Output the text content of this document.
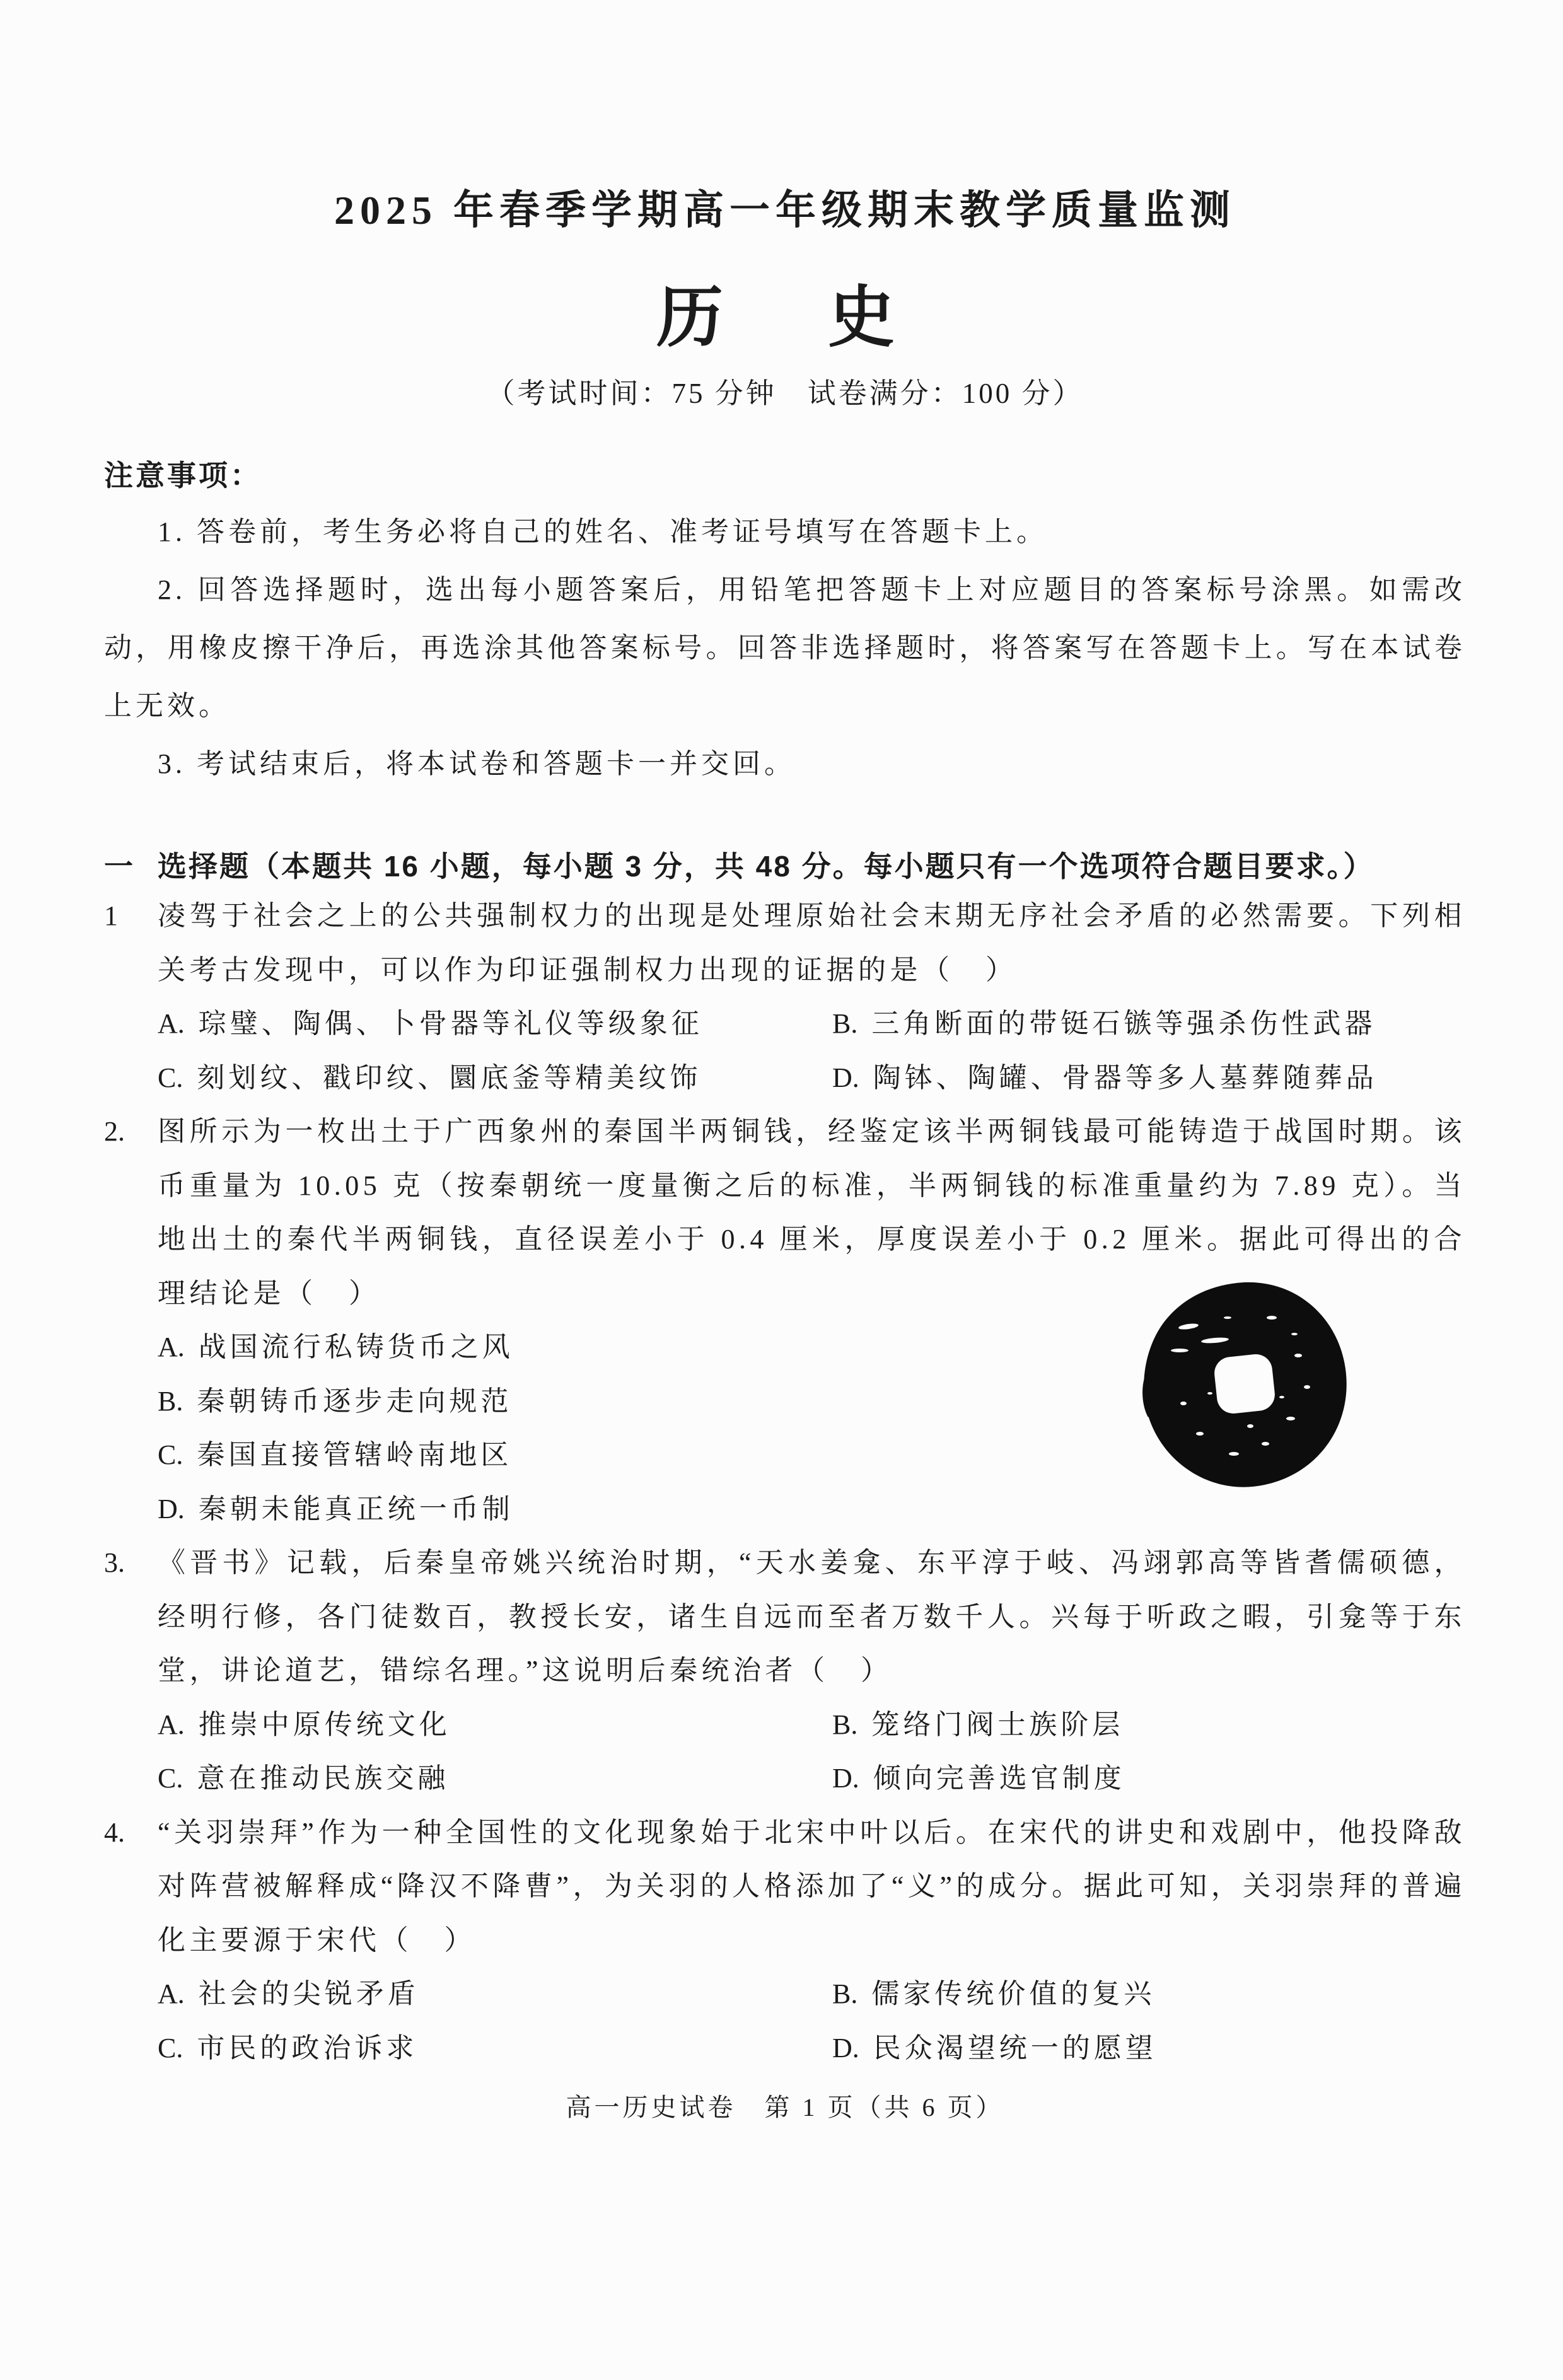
2025 年春季学期高一年级期末教学质量监测
历　史
（考试时间：75 分钟　试卷满分：100 分）
注意事项：

1. 答卷前，考生务必将自己的姓名、准考证号填写在答题卡上。

2. 回答选择题时，选出每小题答案后，用铅笔把答题卡上对应题目的答案标号涂黑。如需改动，用橡皮擦干净后，再选涂其他答案标号。回答非选择题时，将答案写在答题卡上。写在本试卷上无效。

3. 考试结束后，将本试卷和答题卡一并交回。

一 选择题（本题共 16 小题，每小题 3 分，共 48 分。每小题只有一个选项符合题目要求。）
1	凌驾于社会之上的公共强制权力的出现是处理原始社会末期无序社会矛盾的必然需要。下列相关考古发现中，可以作为印证强制权力出现的证据的是（　）
A. 琮璧、陶偶、卜骨器等礼仪等级象征	B. 三角断面的带铤石镞等强杀伤性武器
C. 刻划纹、戳印纹、圜底釜等精美纹饰	D. 陶钵、陶罐、骨器等多人墓葬随葬品
2.	图所示为一枚出土于广西象州的秦国半两铜钱，经鉴定该半两铜钱最可能铸造于战国时期。该币重量为 10.05 克（按秦朝统一度量衡之后的标准，半两铜钱的标准重量约为 7.89 克）。当地出土的秦代半两铜钱，直径误差小于 0.4 厘米，厚度误差小于 0.2 厘米。据此可得出的合理结论是（　）
A. 战国流行私铸货币之风
B. 秦朝铸币逐步走向规范
C. 秦国直接管辖岭南地区
D. 秦朝未能真正统一币制
3.	《晋书》记载，后秦皇帝姚兴统治时期，“天水姜龛、东平淳于岐、冯翊郭高等皆耆儒硕德，经明行修，各门徒数百，教授长安，诸生自远而至者万数千人。兴每于听政之暇，引龛等于东堂，讲论道艺，错综名理。”这说明后秦统治者（　）
A. 推崇中原传统文化	B. 笼络门阀士族阶层
C. 意在推动民族交融	D. 倾向完善选官制度
4.	“关羽崇拜”作为一种全国性的文化现象始于北宋中叶以后。在宋代的讲史和戏剧中，他投降敌对阵营被解释成“降汉不降曹”，为关羽的人格添加了“义”的成分。据此可知，关羽崇拜的普遍化主要源于宋代（　）
A. 社会的尖锐矛盾	B. 儒家传统价值的复兴
C. 市民的政治诉求	D. 民众渴望统一的愿望
高一历史试卷　第 1 页（共 6 页）
